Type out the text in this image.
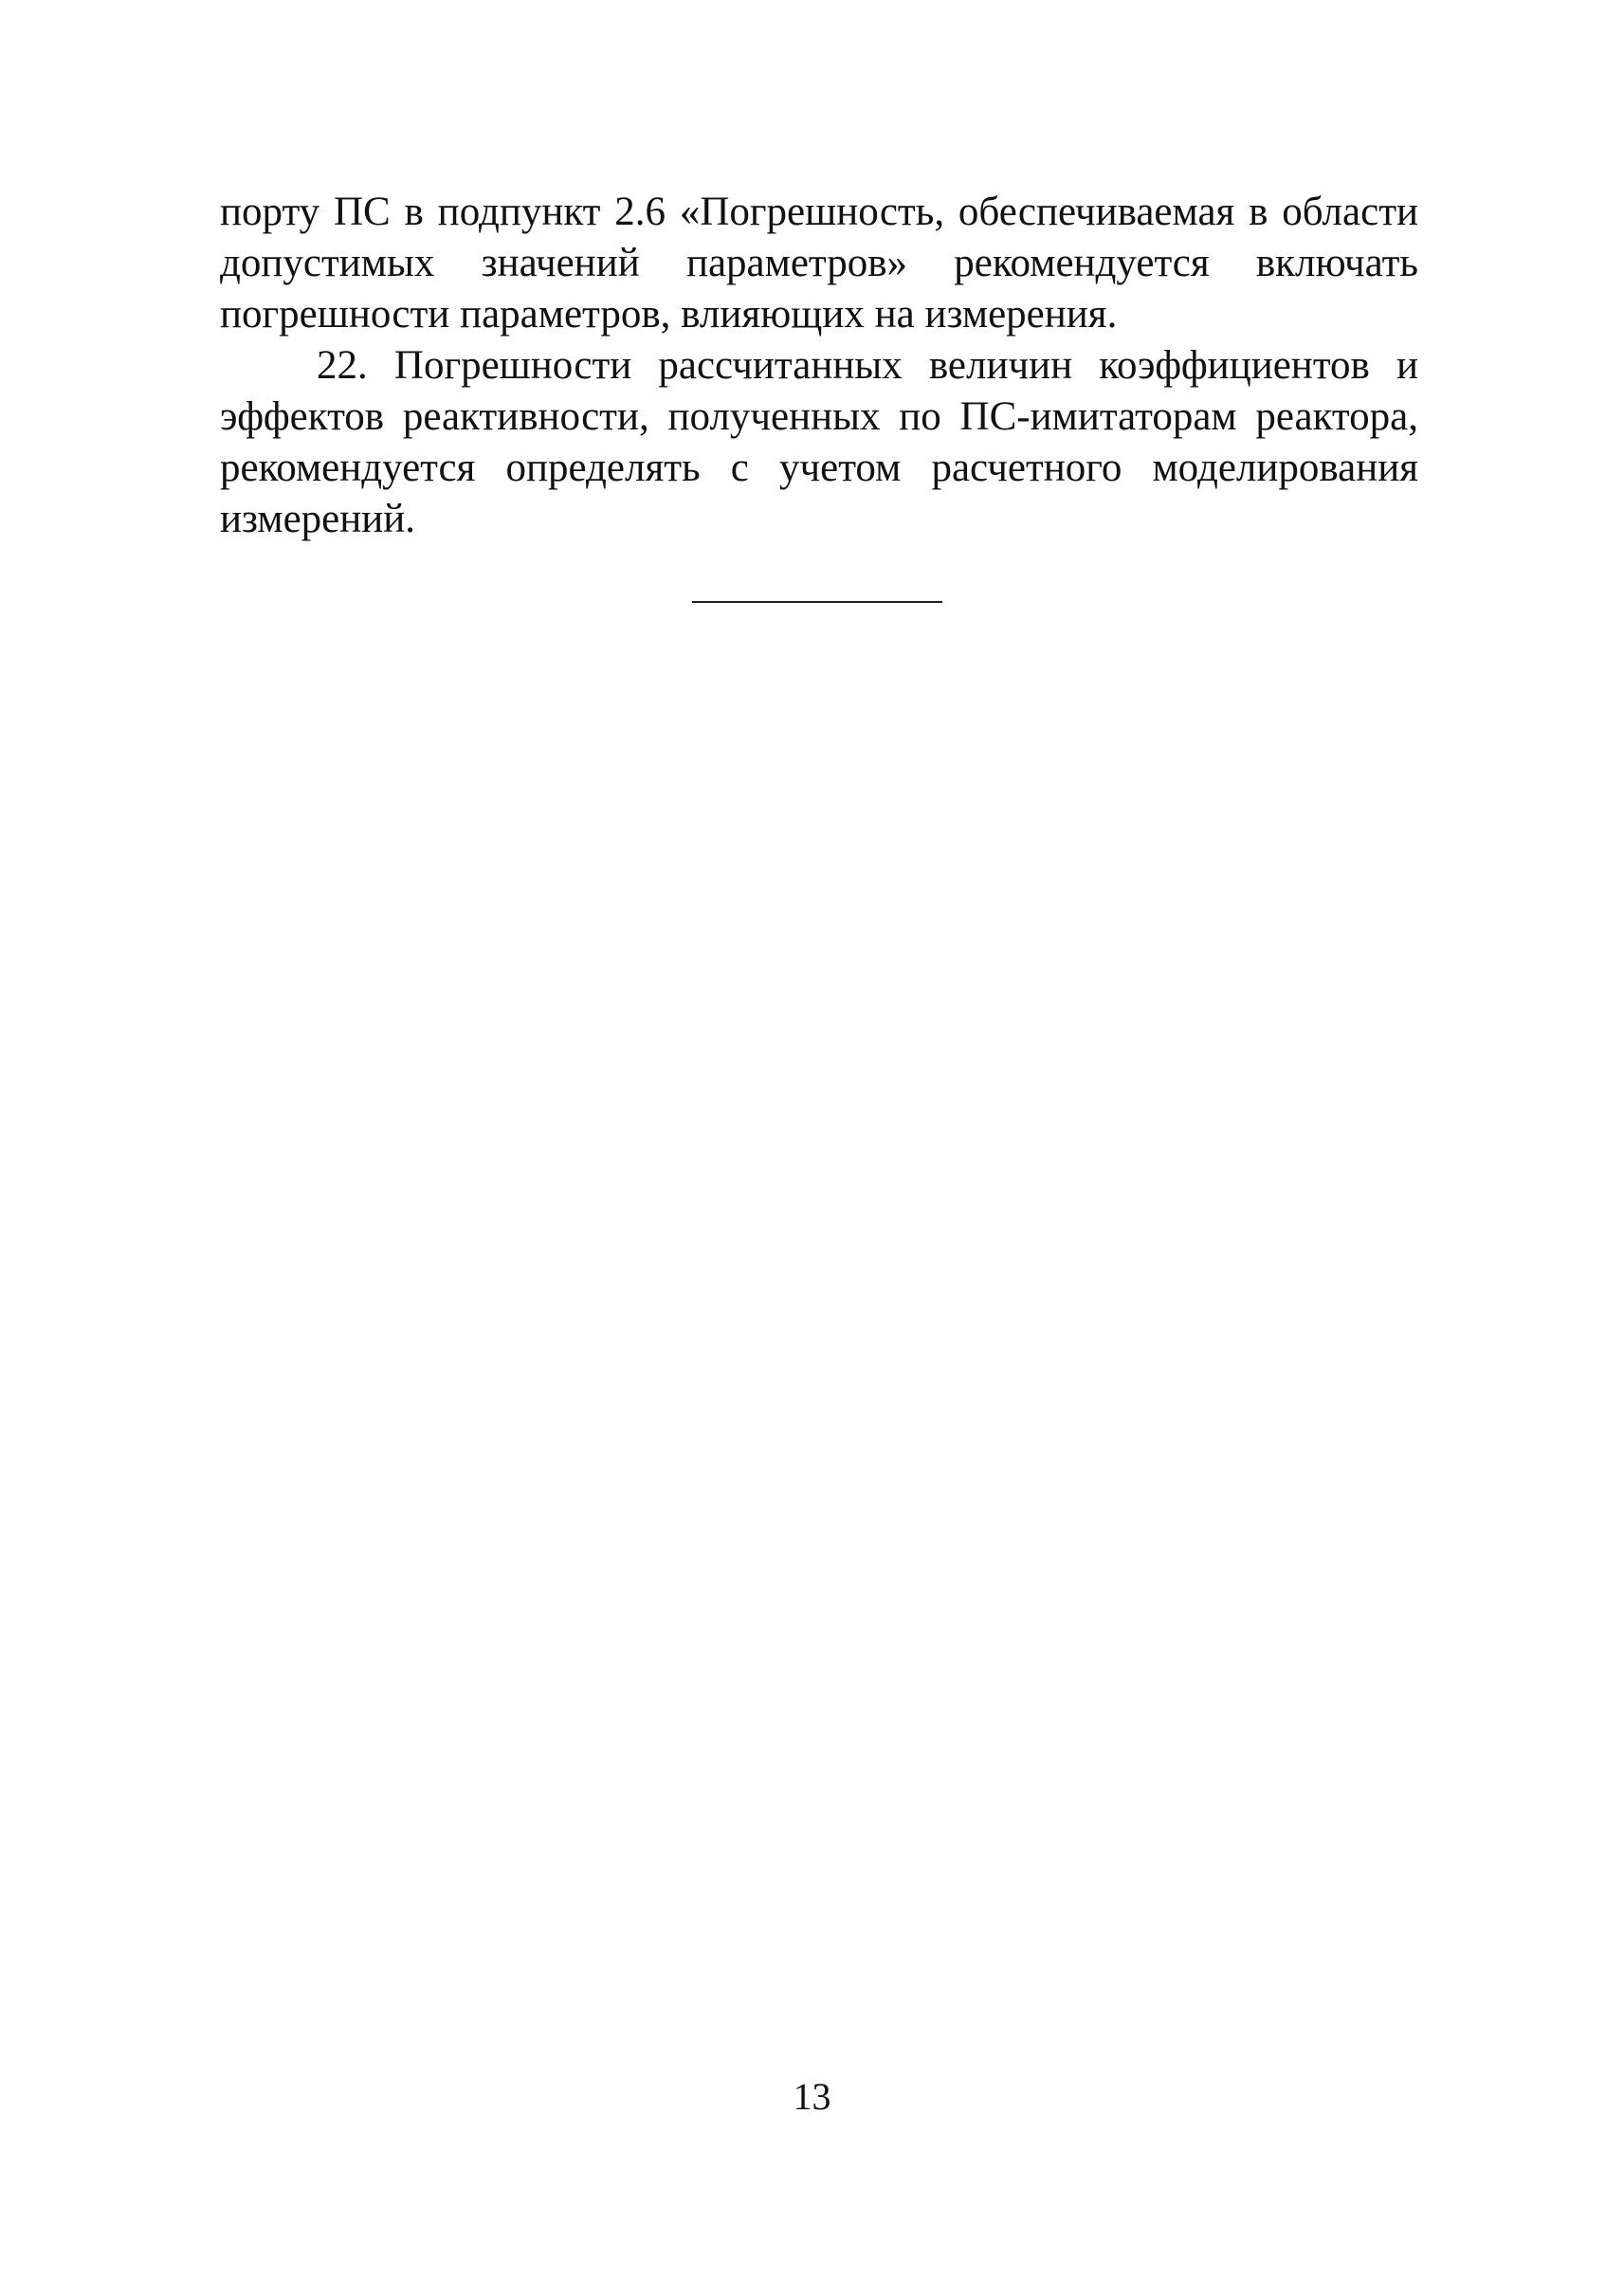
порту ПС в подпункт 2.6 «Погрешность, обеспечиваемая в области допустимых значений параметров» рекомендуется включать погрешности параметров, влияющих на измерения.

22. Погрешности рассчитанных величин коэффициентов и эффектов реактивности, полученных по ПС-имитаторам реактора, рекомендуется определять с учетом расчетного моделирования измерений.

13
